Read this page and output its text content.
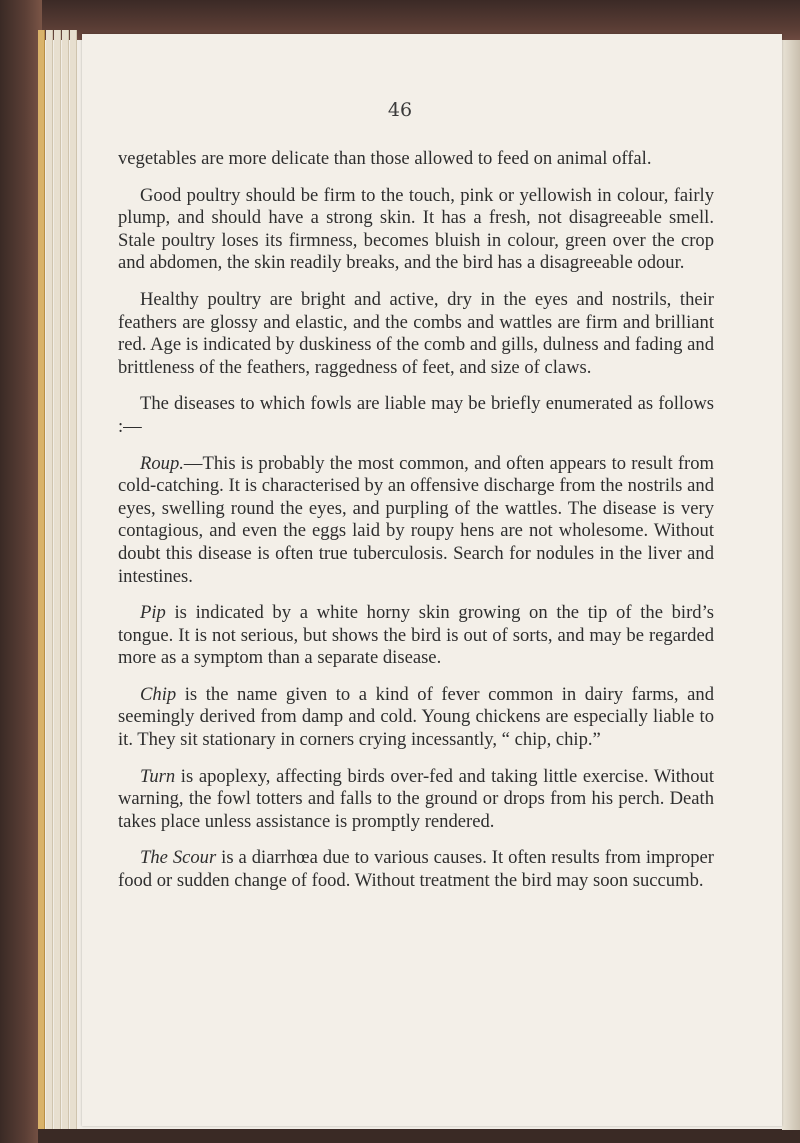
46

vegetables are more delicate than those allowed to feed on animal offal.

Good poultry should be firm to the touch, pink or yellowish in colour, fairly plump, and should have a strong skin. It has a fresh, not disagreeable smell. Stale poultry loses its firmness, becomes bluish in colour, green over the crop and abdomen, the skin readily breaks, and the bird has a disagreeable odour.

Healthy poultry are bright and active, dry in the eyes and nostrils, their feathers are glossy and elastic, and the combs and wattles are firm and brilliant red. Age is indicated by duskiness of the comb and gills, dulness and fading and brittleness of the feathers, raggedness of feet, and size of claws.

The diseases to which fowls are liable may be briefly enumerated as follows :—

Roup.—This is probably the most common, and often appears to result from cold-catching. It is characterised by an offensive discharge from the nostrils and eyes, swelling round the eyes, and purpling of the wattles. The disease is very contagious, and even the eggs laid by roupy hens are not wholesome. Without doubt this disease is often true tuberculosis. Search for nodules in the liver and intestines.

Pip is indicated by a white horny skin growing on the tip of the bird’s tongue. It is not serious, but shows the bird is out of sorts, and may be regarded more as a symptom than a separate disease.

Chip is the name given to a kind of fever common in dairy farms, and seemingly derived from damp and cold. Young chickens are especially liable to it. They sit stationary in corners crying incessantly, “ chip, chip.”

Turn is apoplexy, affecting birds over-fed and taking little exercise. Without warning, the fowl totters and falls to the ground or drops from his perch. Death takes place unless assistance is promptly rendered.

The Scour is a diarrhœa due to various causes. It often results from improper food or sudden change of food. Without treatment the bird may soon succumb.
